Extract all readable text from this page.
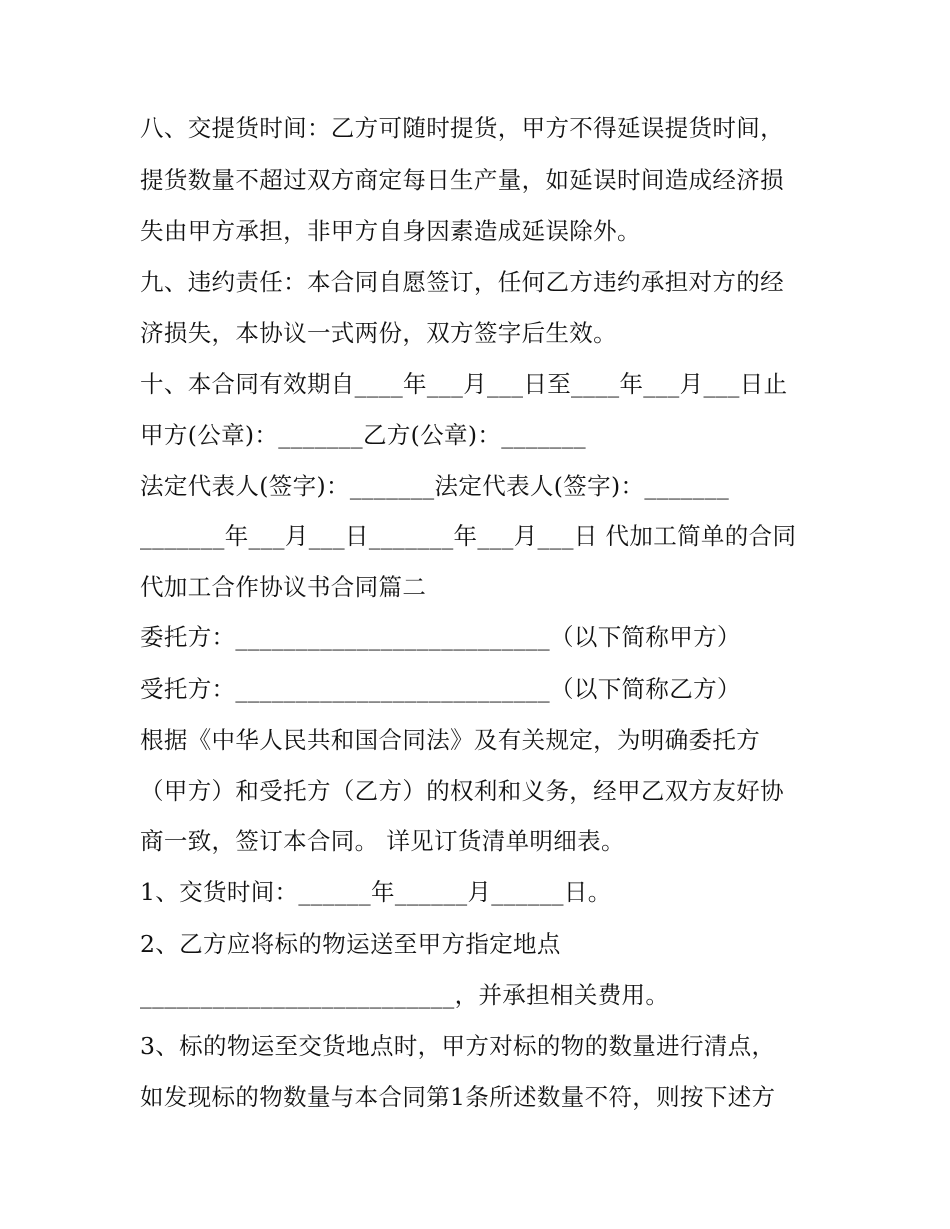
八、交提货时间：乙方可随时提货，甲方不得延误提货时间，
提货数量不超过双方商定每日生产量，如延误时间造成经济损
失由甲方承担，非甲方自身因素造成延误除外。
九、违约责任：本合同自愿签订，任何乙方违约承担对方的经
济损失，本协议一式两份，双方签字后生效。
十、本合同有效期自____年___月___日至____年___月___日止
甲方(公章)：_______乙方(公章)：_______
法定代表人(签字)：_______法定代表人(签字)：_______
_______年___月___日_______年___月___日 代加工简单的合同
代加工合作协议书合同篇二
委托方：__________________________（以下简称甲方）
受托方：__________________________（以下简称乙方）
根据《中华人民共和国合同法》及有关规定，为明确委托方
（甲方）和受托方（乙方）的权利和义务，经甲乙双方友好协
商一致，签订本合同。 详见订货清单明细表。
1、交货时间：______年______月______日。
2、乙方应将标的物运送至甲方指定地点
__________________________，并承担相关费用。
3、标的物运至交货地点时，甲方对标的物的数量进行清点，
如发现标的物数量与本合同第1条所述数量不符，则按下述方
